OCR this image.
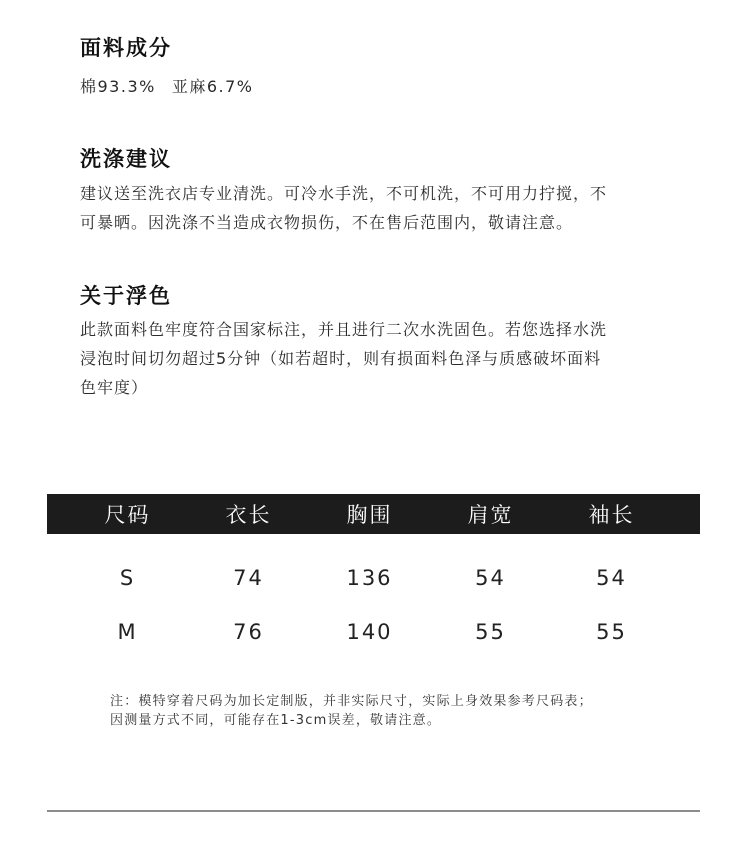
面料成分

棉93.3% 亚麻6.7%

洗涤建议

建议送至洗衣店专业清洗。可冷水手洗，不可机洗，不可用力拧搅，不
可暴晒。因洗涤不当造成衣物损伤，不在售后范围内，敬请注意。

关于浮色

此款面料色牢度符合国家标注，并且进行二次水洗固色。若您选择水洗
浸泡时间切勿超过5分钟（如若超时，则有损面料色泽与质感破坏面料
色牢度）

尺码	衣长	胸围	肩宽	袖长
S	74	136	54	54
M	76	140	55	55

注：模特穿着尺码为加长定制版，并非实际尺寸，实际上身效果参考尺码表；

因测量方式不同，可能存在1-3cm误差，敬请注意。
